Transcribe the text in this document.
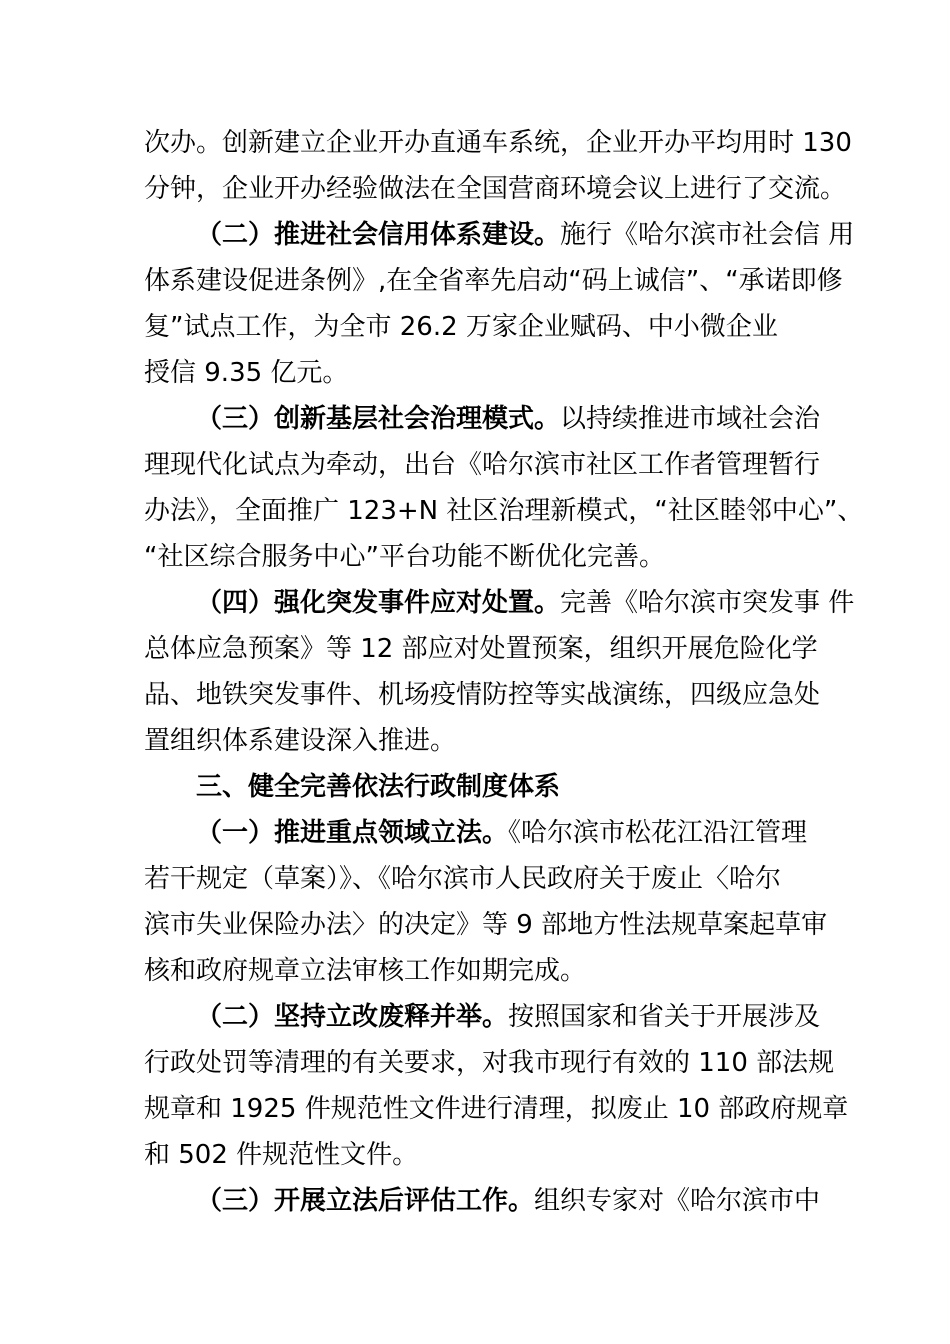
次办。创新建立企业开办直通车系统，企业开办平均用时 130
分钟，企业开办经验做法在全国营商环境会议上进行了交流。
（二）推进社会信用体系建设。施行《哈尔滨市社会信 用
体系建设促进条例》,在全省率先启动“码上诚信”、“承诺即修
复”试点工作，为全市 26.2 万家企业赋码、中小微企业
授信 9.35 亿元。
（三）创新基层社会治理模式。以持续推进市域社会治
理现代化试点为牵动，出台《哈尔滨市社区工作者管理暂行
办法》，全面推广 123+N 社区治理新模式，“社区睦邻中心”、
“社区综合服务中心”平台功能不断优化完善。
（四）强化突发事件应对处置。完善《哈尔滨市突发事 件
总体应急预案》等 12 部应对处置预案，组织开展危险化学
品、地铁突发事件、机场疫情防控等实战演练，四级应急处
置组织体系建设深入推进。
三、健全完善依法行政制度体系
（一）推进重点领域立法。《哈尔滨市松花江沿江管理
若干规定（草案）》、《哈尔滨市人民政府关于废止〈哈尔
滨市失业保险办法〉的决定》等 9 部地方性法规草案起草审
核和政府规章立法审核工作如期完成。
（二）坚持立改废释并举。按照国家和省关于开展涉及
行政处罚等清理的有关要求，对我市现行有效的 110 部法规
规章和 1925 件规范性文件进行清理，拟废止 10 部政府规章
和 502 件规范性文件。
（三）开展立法后评估工作。组织专家对《哈尔滨市中
